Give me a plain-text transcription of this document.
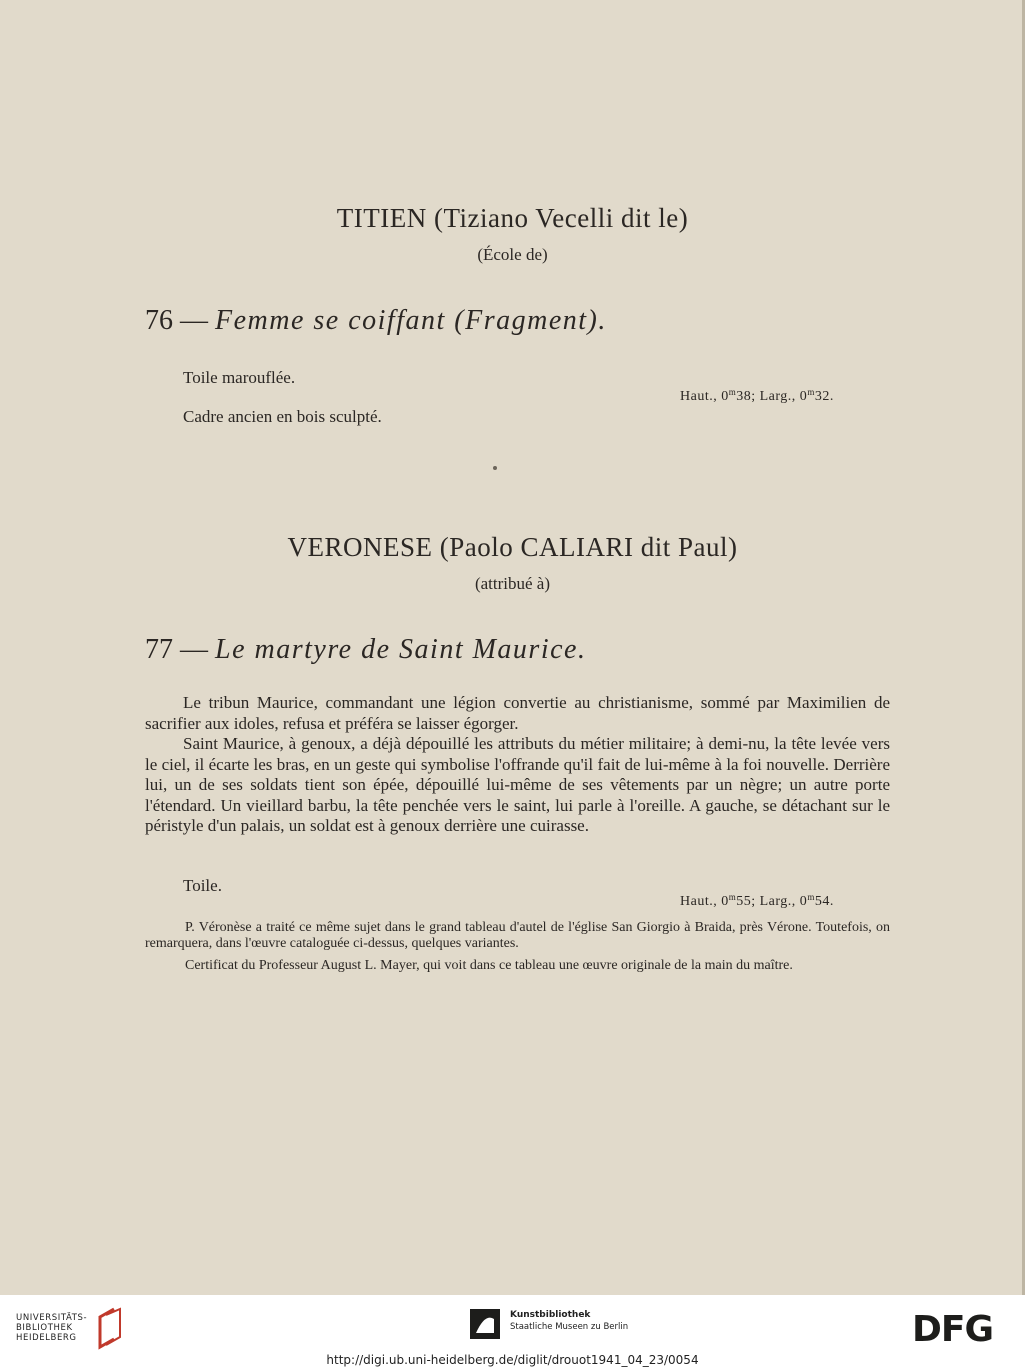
TITIEN (Tiziano Vecelli dit le)
(École de)
76 — Femme se coiffant (Fragment).
Toile marouflée.
Cadre ancien en bois sculpté.
Haut., 0$^m$38; Larg., 0$^m$32.
VERONESE (Paolo CALIARI dit Paul)
(attribué à)
77 — Le martyre de Saint Maurice.

Le tribun Maurice, commandant une légion convertie au christianisme, sommé par Maximilien de sacrifier aux idoles, refusa et préféra se laisser égorger.

Saint Maurice, à genoux, a déjà dépouillé les attributs du métier militaire; à demi-nu, la tête levée vers le ciel, il écarte les bras, en un geste qui symbolise l'offrande qu'il fait de lui-même à la foi nouvelle. Derrière lui, un de ses soldats tient son épée, dépouillé lui-même de ses vêtements par un nègre; un autre porte l'étendard. Un vieillard barbu, la tête penchée vers le saint, lui parle à l'oreille. A gauche, se détachant sur le péristyle d'un palais, un soldat est à genoux derrière une cuirasse.

Toile.
Haut., 0$^m$55; Larg., 0$^m$54.

P. Véronèse a traité ce même sujet dans le grand tableau d'autel de l'église San Giorgio à Braida, près Vérone. Toutefois, on remarquera, dans l'œuvre cataloguée ci-dessus, quelques variantes.

Certificat du Professeur August L. Mayer, qui voit dans ce tableau une œuvre originale de la main du maître.

UNIVERSITÄTS-
BIBLIOTHEK
HEIDELBERG
Kunstbibliothek
Staatliche Museen zu Berlin	DFG
http://digi.ub.uni-heidelberg.de/diglit/drouot1941_04_23/0054
